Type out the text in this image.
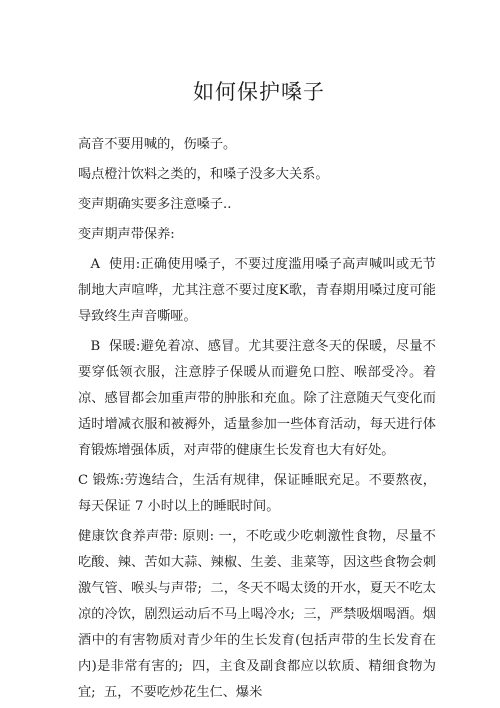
如何保护嗓子

高音不要用喊的，伤嗓子。

喝点橙汁饮料之类的，和嗓子没多大关系。

变声期确实要多注意嗓子..

变声期声带保养:

A  使用:正确使用嗓子，不要过度滥用嗓子高声喊叫或无节制地大声喧哗，尤其注意不要过度K歌，青春期用嗓过度可能导致终生声音嘶哑。

B  保暖:避免着凉、感冒。尤其要注意冬天的保暖，尽量不要穿低领衣服，注意脖子保暖从而避免口腔、喉部受冷。着凉、感冒都会加重声带的肿胀和充血。除了注意随天气变化而适时增减衣服和被褥外，适量参加一些体育活动，每天进行体育锻炼增强体质，对声带的健康生长发育也大有好处。

C 锻炼:劳逸结合，生活有规律，保证睡眠充足。不要熬夜，每天保证 7 小时以上的睡眠时间。

健康饮食养声带: 原则: 一，不吃或少吃刺激性食物，尽量不吃酸、辣、苦如大蒜、辣椒、生姜、韭菜等，因这些食物会刺激气管、喉头与声带;  二，冬天不喝太烫的开水，夏天不吃太凉的冷饮，剧烈运动后不马上喝冷水;  三，严禁吸烟喝酒。烟酒中的有害物质对青少年的生长发育(包括声带的生长发育在内)是非常有害的;  四，主食及副食都应以软质、精细食物为宜;  五，不要吃炒花生仁、爆米
